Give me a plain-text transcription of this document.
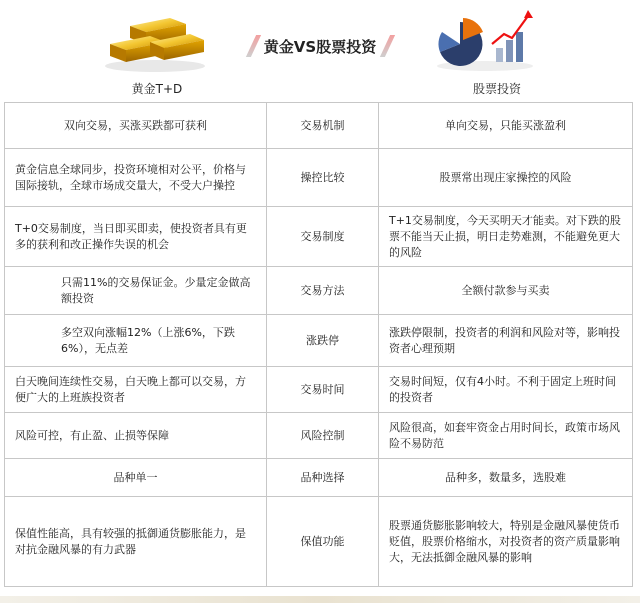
黄金T+D
黄金VS股票投资
股票投资
双向交易，买涨买跌都可获利	交易机制	单向交易，只能买涨盈利
黄金信息全球同步，投资环境相对公平，价格与国际接轨，全球市场成交量大，不受大户操控	操控比较	股票常出现庄家操控的风险
T+0交易制度，当日即买即卖，使投资者具有更多的获利和改正操作失误的机会	交易制度	T+1交易制度，今天买明天才能卖。对下跌的股票不能当天止损，明日走势难测，不能避免更大的风险
只需11%的交易保证金。少量定金做高额投资	交易方法	全额付款参与买卖
多空双向涨幅12%（上涨6%，下跌6%），无点差	涨跌停	涨跌停限制，投资者的利润和风险对等，影响投资者心理预期
白天晚间连续性交易，白天晚上都可以交易，方便广大的上班族投资者	交易时间	交易时间短，仅有4小时。不利于固定上班时间的投资者
风险可控，有止盈、止损等保障	风险控制	风险很高，如套牢资金占用时间长，政策市场风险不易防范
品种单一	品种选择	品种多，数量多，选股难
保值性能高，具有较强的抵御通货膨胀能力，是对抗金融风暴的有力武器	保值功能	股票通货膨胀影响较大，特别是金融风暴使货币贬值，股票价格缩水，对投资者的资产质量影响大，无法抵御金融风暴的影响
